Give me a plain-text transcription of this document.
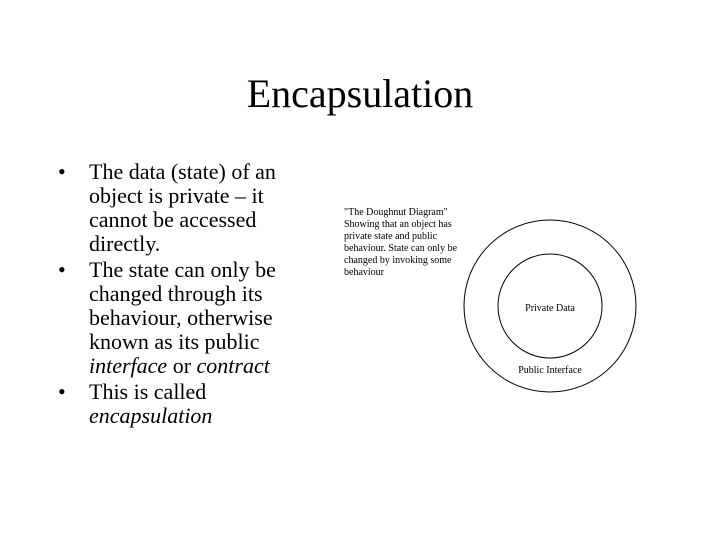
Encapsulation
• The data (state) of an
object is private – it
cannot be accessed
directly.
• The state can only be
changed through its
behaviour, otherwise
known as its public
interface or contract
• This is called
encapsulation
"The Doughnut Diagram"
Showing that an object has
private state and public
behaviour. State can only be
changed by invoking some
behaviour
Private Data
Public Interface
